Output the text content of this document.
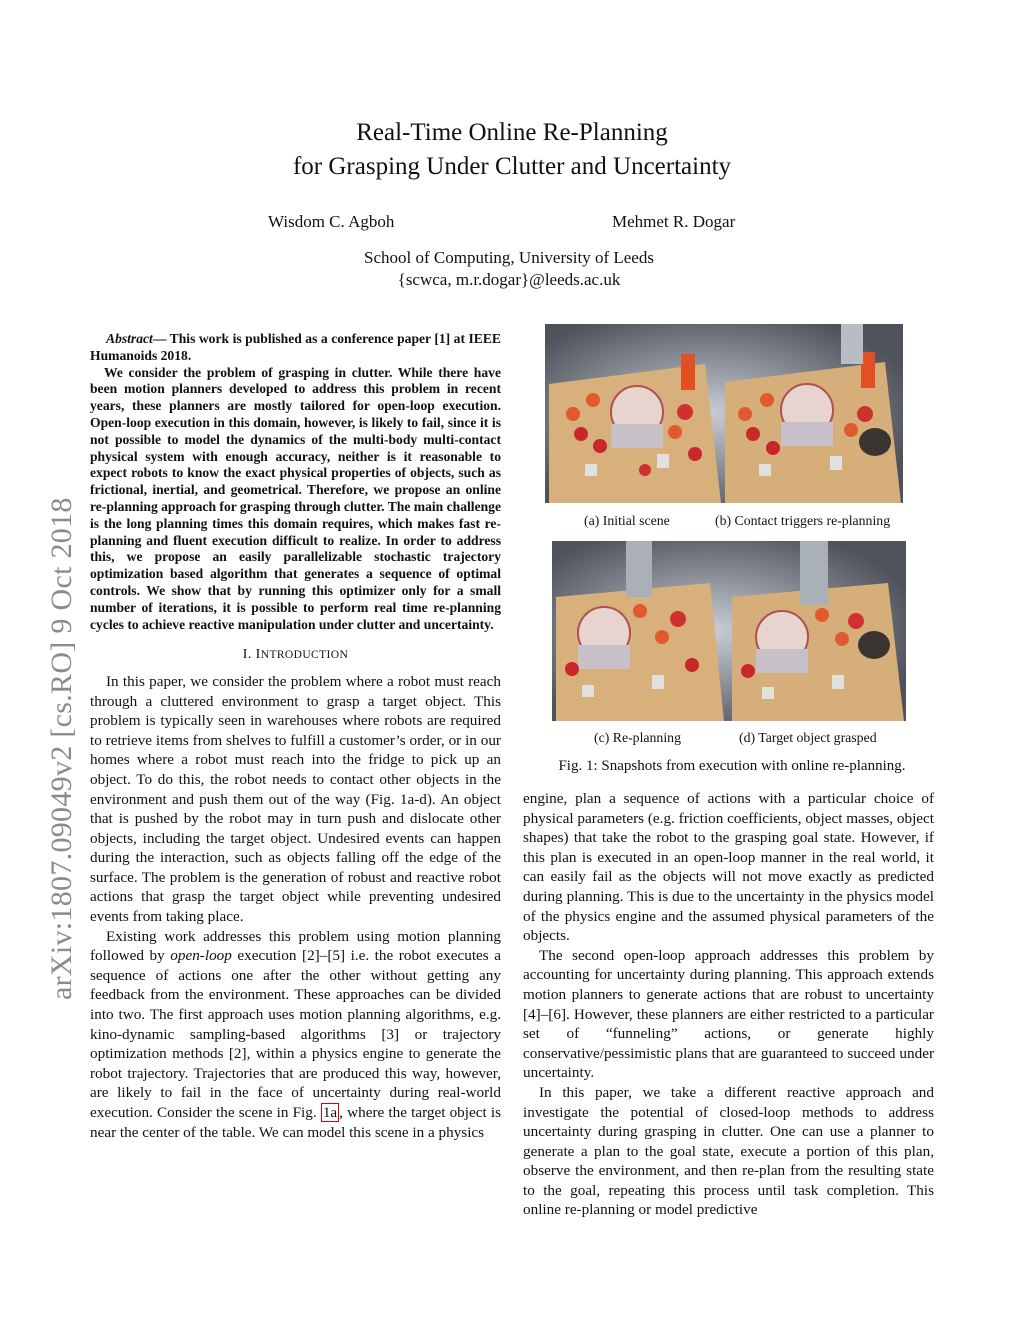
arXiv:1807.09049v2 [cs.RO] 9 Oct 2018
Real-Time Online Re-Planning
for Grasping Under Clutter and Uncertainty
Wisdom C. Agboh	Mehmet R. Dogar
School of Computing, University of Leeds
{scwca, m.r.dogar}@leeds.ac.uk

Abstract— This work is published as a conference paper [1] at IEEE Humanoids 2018.

We consider the problem of grasping in clutter. While there have been motion planners developed to address this problem in recent years, these planners are mostly tailored for open-loop execution. Open-loop execution in this domain, however, is likely to fail, since it is not possible to model the dynamics of the multi-body multi-contact physical system with enough accuracy, neither is it reasonable to expect robots to know the exact physical properties of objects, such as frictional, inertial, and geometrical. Therefore, we propose an online re-planning approach for grasping through clutter. The main challenge is the long planning times this domain requires, which makes fast re-planning and fluent execution difficult to realize. In order to address this, we propose an easily parallelizable stochastic trajectory optimization based algorithm that generates a sequence of optimal controls. We show that by running this optimizer only for a small number of iterations, it is possible to perform real time re-planning cycles to achieve reactive manipulation under clutter and uncertainty.

I. INTRODUCTION

In this paper, we consider the problem where a robot must reach through a cluttered environment to grasp a target object. This problem is typically seen in warehouses where robots are required to retrieve items from shelves to fulfill a customer’s order, or in our homes where a robot must reach into the fridge to pick up an object. To do this, the robot needs to contact other objects in the environment and push them out of the way (Fig. 1a-d). An object that is pushed by the robot may in turn push and dislocate other objects, including the target object. Undesired events can happen during the interaction, such as objects falling off the edge of the surface. The problem is the generation of robust and reactive robot actions that grasp the target object while preventing undesired events from taking place.

Existing work addresses this problem using motion planning followed by open-loop execution [2]–[5] i.e. the robot executes a sequence of actions one after the other without getting any feedback from the environment. These approaches can be divided into two. The first approach uses motion planning algorithms, e.g. kino-dynamic sampling-based algorithms [3] or trajectory optimization methods [2], within a physics engine to generate the robot trajectory. Trajectories that are produced this way, however, are likely to fail in the face of uncertainty during real-world execution. Consider the scene in Fig. 1a , where the target object is near the center of the table. We can model this scene in a physics

(a) Initial scene	(b) Contact triggers re-planning
(c) Re-planning	(d) Target object grasped
Fig. 1: Snapshots from execution with online re-planning.

engine, plan a sequence of actions with a particular choice of physical parameters (e.g. friction coefficients, object masses, object shapes) that take the robot to the grasping goal state. However, if this plan is executed in an open-loop manner in the real world, it can easily fail as the objects will not move exactly as predicted during planning. This is due to the uncertainty in the physics model of the physics engine and the assumed physical parameters of the objects.

The second open-loop approach addresses this problem by accounting for uncertainty during planning. This approach extends motion planners to generate actions that are robust to uncertainty [4]–[6]. However, these planners are either restricted to a particular set of “funneling” actions, or generate highly conservative/pessimistic plans that are guaranteed to succeed under uncertainty.

In this paper, we take a different reactive approach and investigate the potential of closed-loop methods to address uncertainty during grasping in clutter. One can use a planner to generate a plan to the goal state, execute a portion of this plan, observe the environment, and then re-plan from the resulting state to the goal, repeating this process until task completion. This online re-planning or model predictive
